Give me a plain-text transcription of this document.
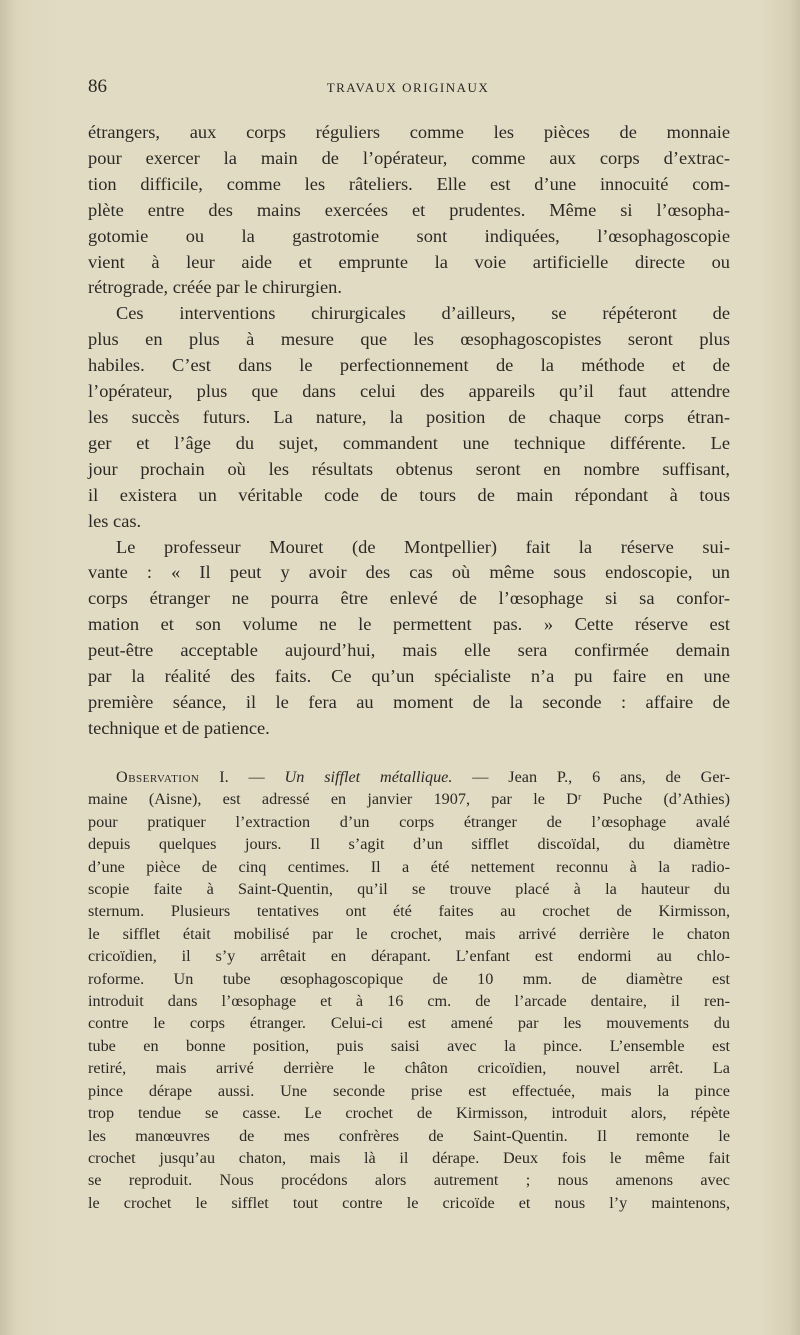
86	TRAVAUX ORIGINAUX

étrangers, aux corps réguliers comme les pièces de monnaie
pour exercer la main de l’opérateur, comme aux corps d’extrac-
tion difficile, comme les râteliers. Elle est d’une innocuité com-
plète entre des mains exercées et prudentes. Même si l’œsopha-
gotomie ou la gastrotomie sont indiquées, l’œsophagoscopie
vient à leur aide et emprunte la voie artificielle directe ou
rétrograde, créée par le chirurgien.

Ces interventions chirurgicales d’ailleurs, se répéteront de
plus en plus à mesure que les œsophagoscopistes seront plus
habiles. C’est dans le perfectionnement de la méthode et de
l’opérateur, plus que dans celui des appareils qu’il faut attendre
les succès futurs. La nature, la position de chaque corps étran-
ger et l’âge du sujet, commandent une technique différente. Le
jour prochain où les résultats obtenus seront en nombre suffisant,
il existera un véritable code de tours de main répondant à tous
les cas.

Le professeur Mouret (de Montpellier) fait la réserve sui-
vante : « Il peut y avoir des cas où même sous endoscopie, un
corps étranger ne pourra être enlevé de l’œsophage si sa confor-
mation et son volume ne le permettent pas. » Cette réserve est
peut-être acceptable aujourd’hui, mais elle sera confirmée demain
par la réalité des faits. Ce qu’un spécialiste n’a pu faire en une
première séance, il le fera au moment de la seconde : affaire de
technique et de patience.

Observation I. — Un sifflet métallique. — Jean P., 6 ans, de Ger-
maine (Aisne), est adressé en janvier 1907, par le Dʳ Puche (d’Athies)
pour pratiquer l’extraction d’un corps étranger de l’œsophage avalé
depuis quelques jours. Il s’agit d’un sifflet discoïdal, du diamètre
d’une pièce de cinq centimes. Il a été nettement reconnu à la radio-
scopie faite à Saint-Quentin, qu’il se trouve placé à la hauteur du
sternum. Plusieurs tentatives ont été faites au crochet de Kirmisson,
le sifflet était mobilisé par le crochet, mais arrivé derrière le chaton
cricoïdien, il s’y arrêtait en dérapant. L’enfant est endormi au chlo-
roforme. Un tube œsophagoscopique de 10 mm. de diamètre est
introduit dans l’œsophage et à 16 cm. de l’arcade dentaire, il ren-
contre le corps étranger. Celui-ci est amené par les mouvements du
tube en bonne position, puis saisi avec la pince. L’ensemble est
retiré, mais arrivé derrière le châton cricoïdien, nouvel arrêt. La
pince dérape aussi. Une seconde prise est effectuée, mais la pince
trop tendue se casse. Le crochet de Kirmisson, introduit alors, répète
les manœuvres de mes confrères de Saint-Quentin. Il remonte le
crochet jusqu’au chaton, mais là il dérape. Deux fois le même fait
se reproduit. Nous procédons alors autrement ; nous amenons avec
le crochet le sifflet tout contre le cricoïde et nous l’y maintenons,
